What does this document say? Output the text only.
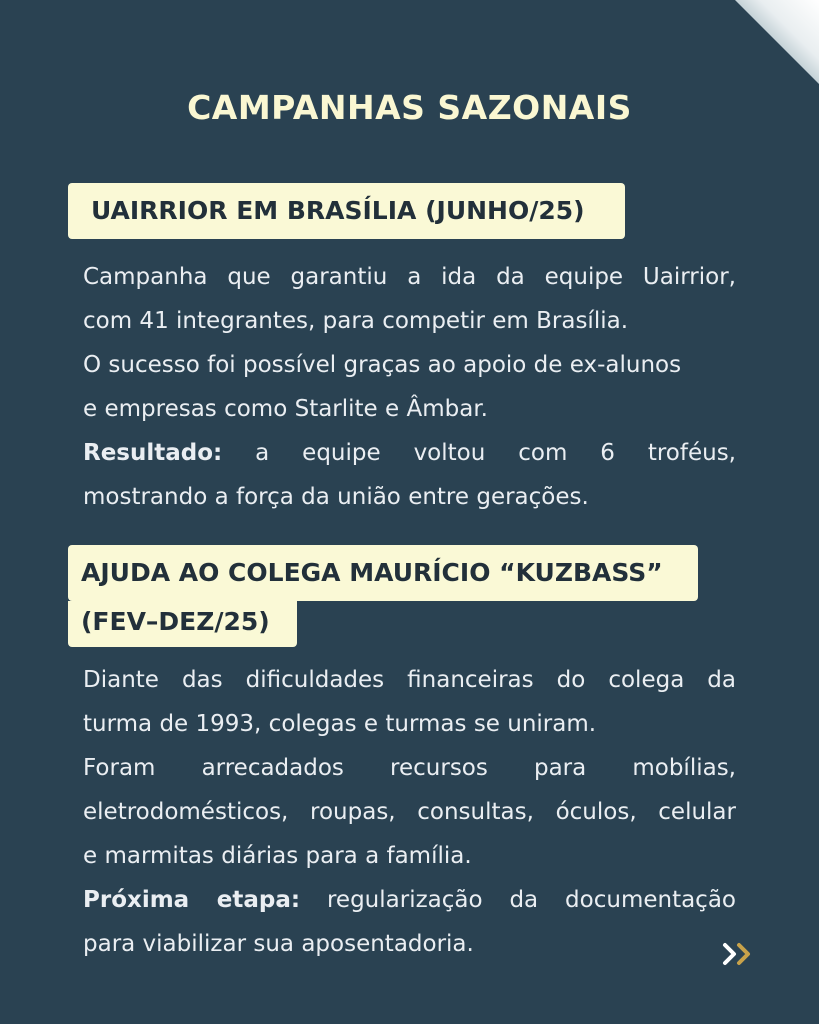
CAMPANHAS SAZONAIS
UAIRRIOR EM BRASÍLIA (JUNHO/25)
Campanha que garantiu a ida da equipe Uairrior,
com 41 integrantes, para competir em Brasília.
O sucesso foi possível graças ao apoio de ex-alunos
e empresas como Starlite e Âmbar.
Resultado: a equipe voltou com 6 troféus,
mostrando a força da união entre gerações.
AJUDA AO COLEGA MAURÍCIO “KUZBASS”
(FEV–DEZ/25)
Diante das dificuldades financeiras do colega da
turma de 1993, colegas e turmas se uniram.
Foram arrecadados recursos para mobílias,
eletrodomésticos, roupas, consultas, óculos, celular
e marmitas diárias para a família.
Próxima etapa: regularização da documentação
para viabilizar sua aposentadoria.
